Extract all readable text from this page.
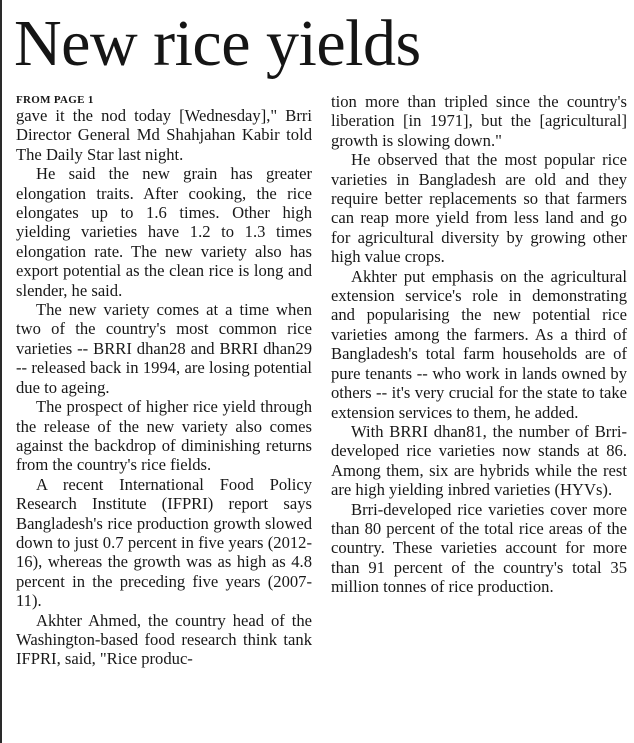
New rice yields
FROM PAGE 1

gave it the nod today [Wednesday]," Brri Director General Md Shahjahan Kabir told The Daily Star last night.

He said the new grain has greater elongation traits. After cooking, the rice elongates up to 1.6 times. Other high yielding varieties have 1.2 to 1.3 times elongation rate. The new variety also has export potential as the clean rice is long and slender, he said.

The new variety comes at a time when two of the country's most common rice varieties -- BRRI dhan28 and BRRI dhan29 -- released back in 1994, are losing potential due to ageing.

The prospect of higher rice yield through the release of the new variety also comes against the backdrop of diminishing returns from the country's rice fields.

A recent International Food Policy Research Institute (IFPRI) report says Bangladesh's rice production growth slowed down to just 0.7 percent in five years (2012-16), whereas the growth was as high as 4.8 percent in the preceding five years (2007-11).

Akhter Ahmed, the country head of the Washington-based food research think tank IFPRI, said, "Rice produc-

tion more than tripled since the country's liberation [in 1971], but the [agricultural] growth is slowing down."

He observed that the most popular rice varieties in Bangladesh are old and they require better replacements so that farmers can reap more yield from less land and go for agricultural diversity by growing other high value crops.

Akhter put emphasis on the agricultural extension service's role in demonstrating and popularising the new potential rice varieties among the farmers. As a third of Bangladesh's total farm households are of pure tenants -- who work in lands owned by others -- it's very crucial for the state to take extension services to them, he added.

With BRRI dhan81, the number of Brri-developed rice varieties now stands at 86. Among them, six are hybrids while the rest are high yielding inbred varieties (HYVs).

Brri-developed rice varieties cover more than 80 percent of the total rice areas of the country. These varieties account for more than 91 percent of the country's total 35 million tonnes of rice production.
